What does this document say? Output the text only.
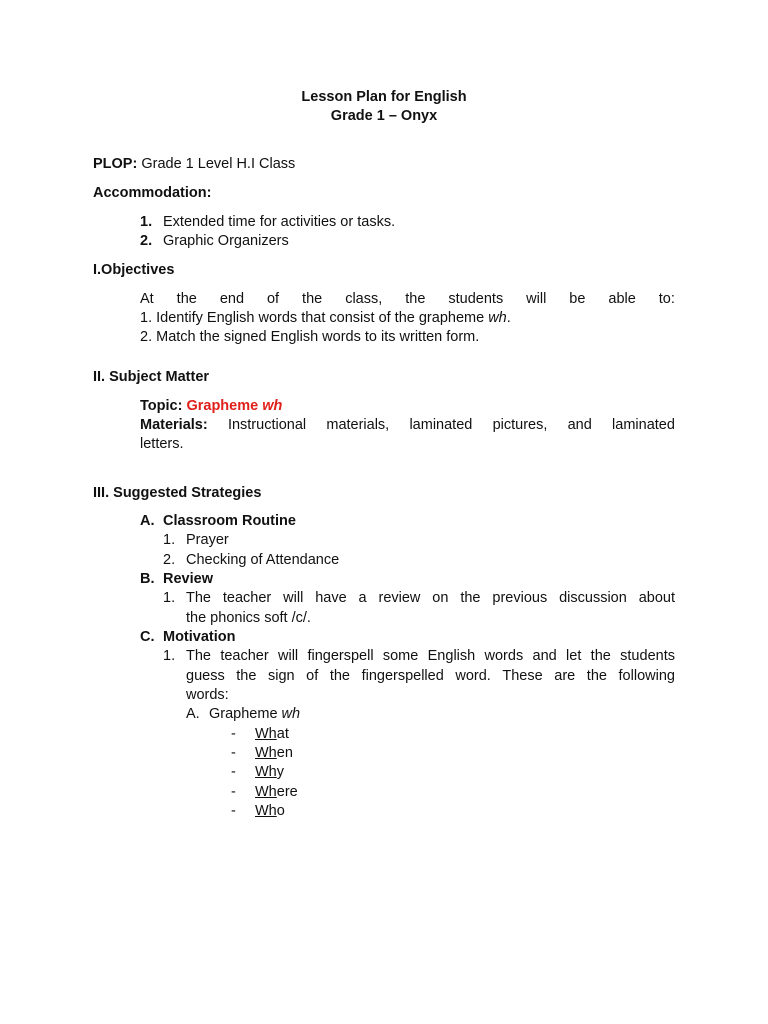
Lesson Plan for English
Grade 1 – Onyx
PLOP: Grade 1 Level H.I Class
Accommodation:
1. Extended time for activities or tasks.
2. Graphic Organizers
I.Objectives
At the end of the class, the students will be able to:
1. Identify English words that consist of the grapheme wh.
2. Match the signed English words to its written form.
II. Subject Matter
Topic: Grapheme wh
Materials: Instructional materials, laminated pictures, and laminated
letters.
III. Suggested Strategies
A. Classroom Routine
1. Prayer
2. Checking of Attendance
B. Review
1. The teacher will have a review on the previous discussion about
the phonics soft /c/.
C. Motivation
1. The teacher will fingerspell some English words and let the students
guess the sign of the fingerspelled word. These are the following
words:
A. Grapheme wh
- What
- When
- Why
- Where
- Who
